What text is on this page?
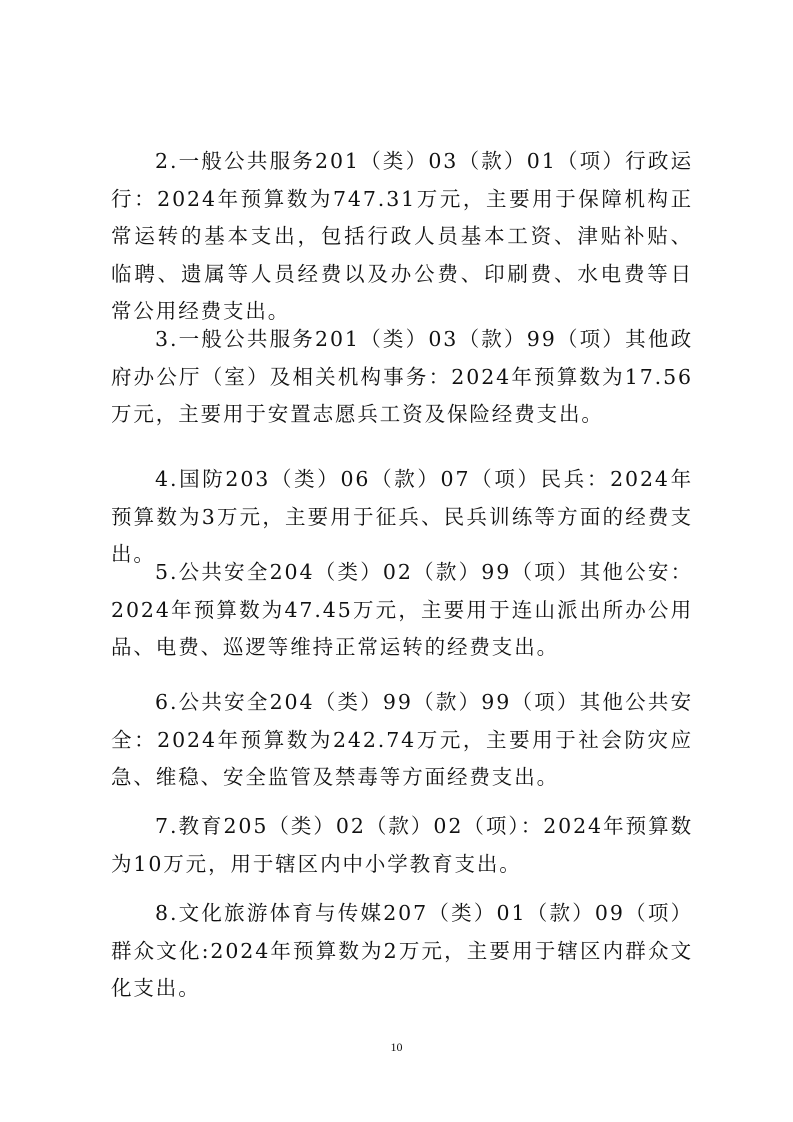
2.一般公共服务201（类）03（款）01（项）行政运行：2024年预算数为747.31万元，主要用于保障机构正常运转的基本支出，包括行政人员基本工资、津贴补贴、临聘、遗属等人员经费以及办公费、印刷费、水电费等日常公用经费支出。

3.一般公共服务201（类）03（款）99（项）其他政府办公厅（室）及相关机构事务：2024年预算数为17.56万元，主要用于安置志愿兵工资及保险经费支出。

4.国防203（类）06（款）07（项）民兵：2024年预算数为3万元，主要用于征兵、民兵训练等方面的经费支出。

5.公共安全204（类）02（款）99（项）其他公安：2024年预算数为47.45万元，主要用于连山派出所办公用品、电费、巡逻等维持正常运转的经费支出。

6.公共安全204（类）99（款）99（项）其他公共安全：2024年预算数为242.74万元，主要用于社会防灾应急、维稳、安全监管及禁毒等方面经费支出。

7.教育205（类）02（款）02（项）：2024年预算数为10万元，用于辖区内中小学教育支出。

8.文化旅游体育与传媒207（类）01（款）09（项）群众文化:2024年预算数为2万元，主要用于辖区内群众文化支出。

10
